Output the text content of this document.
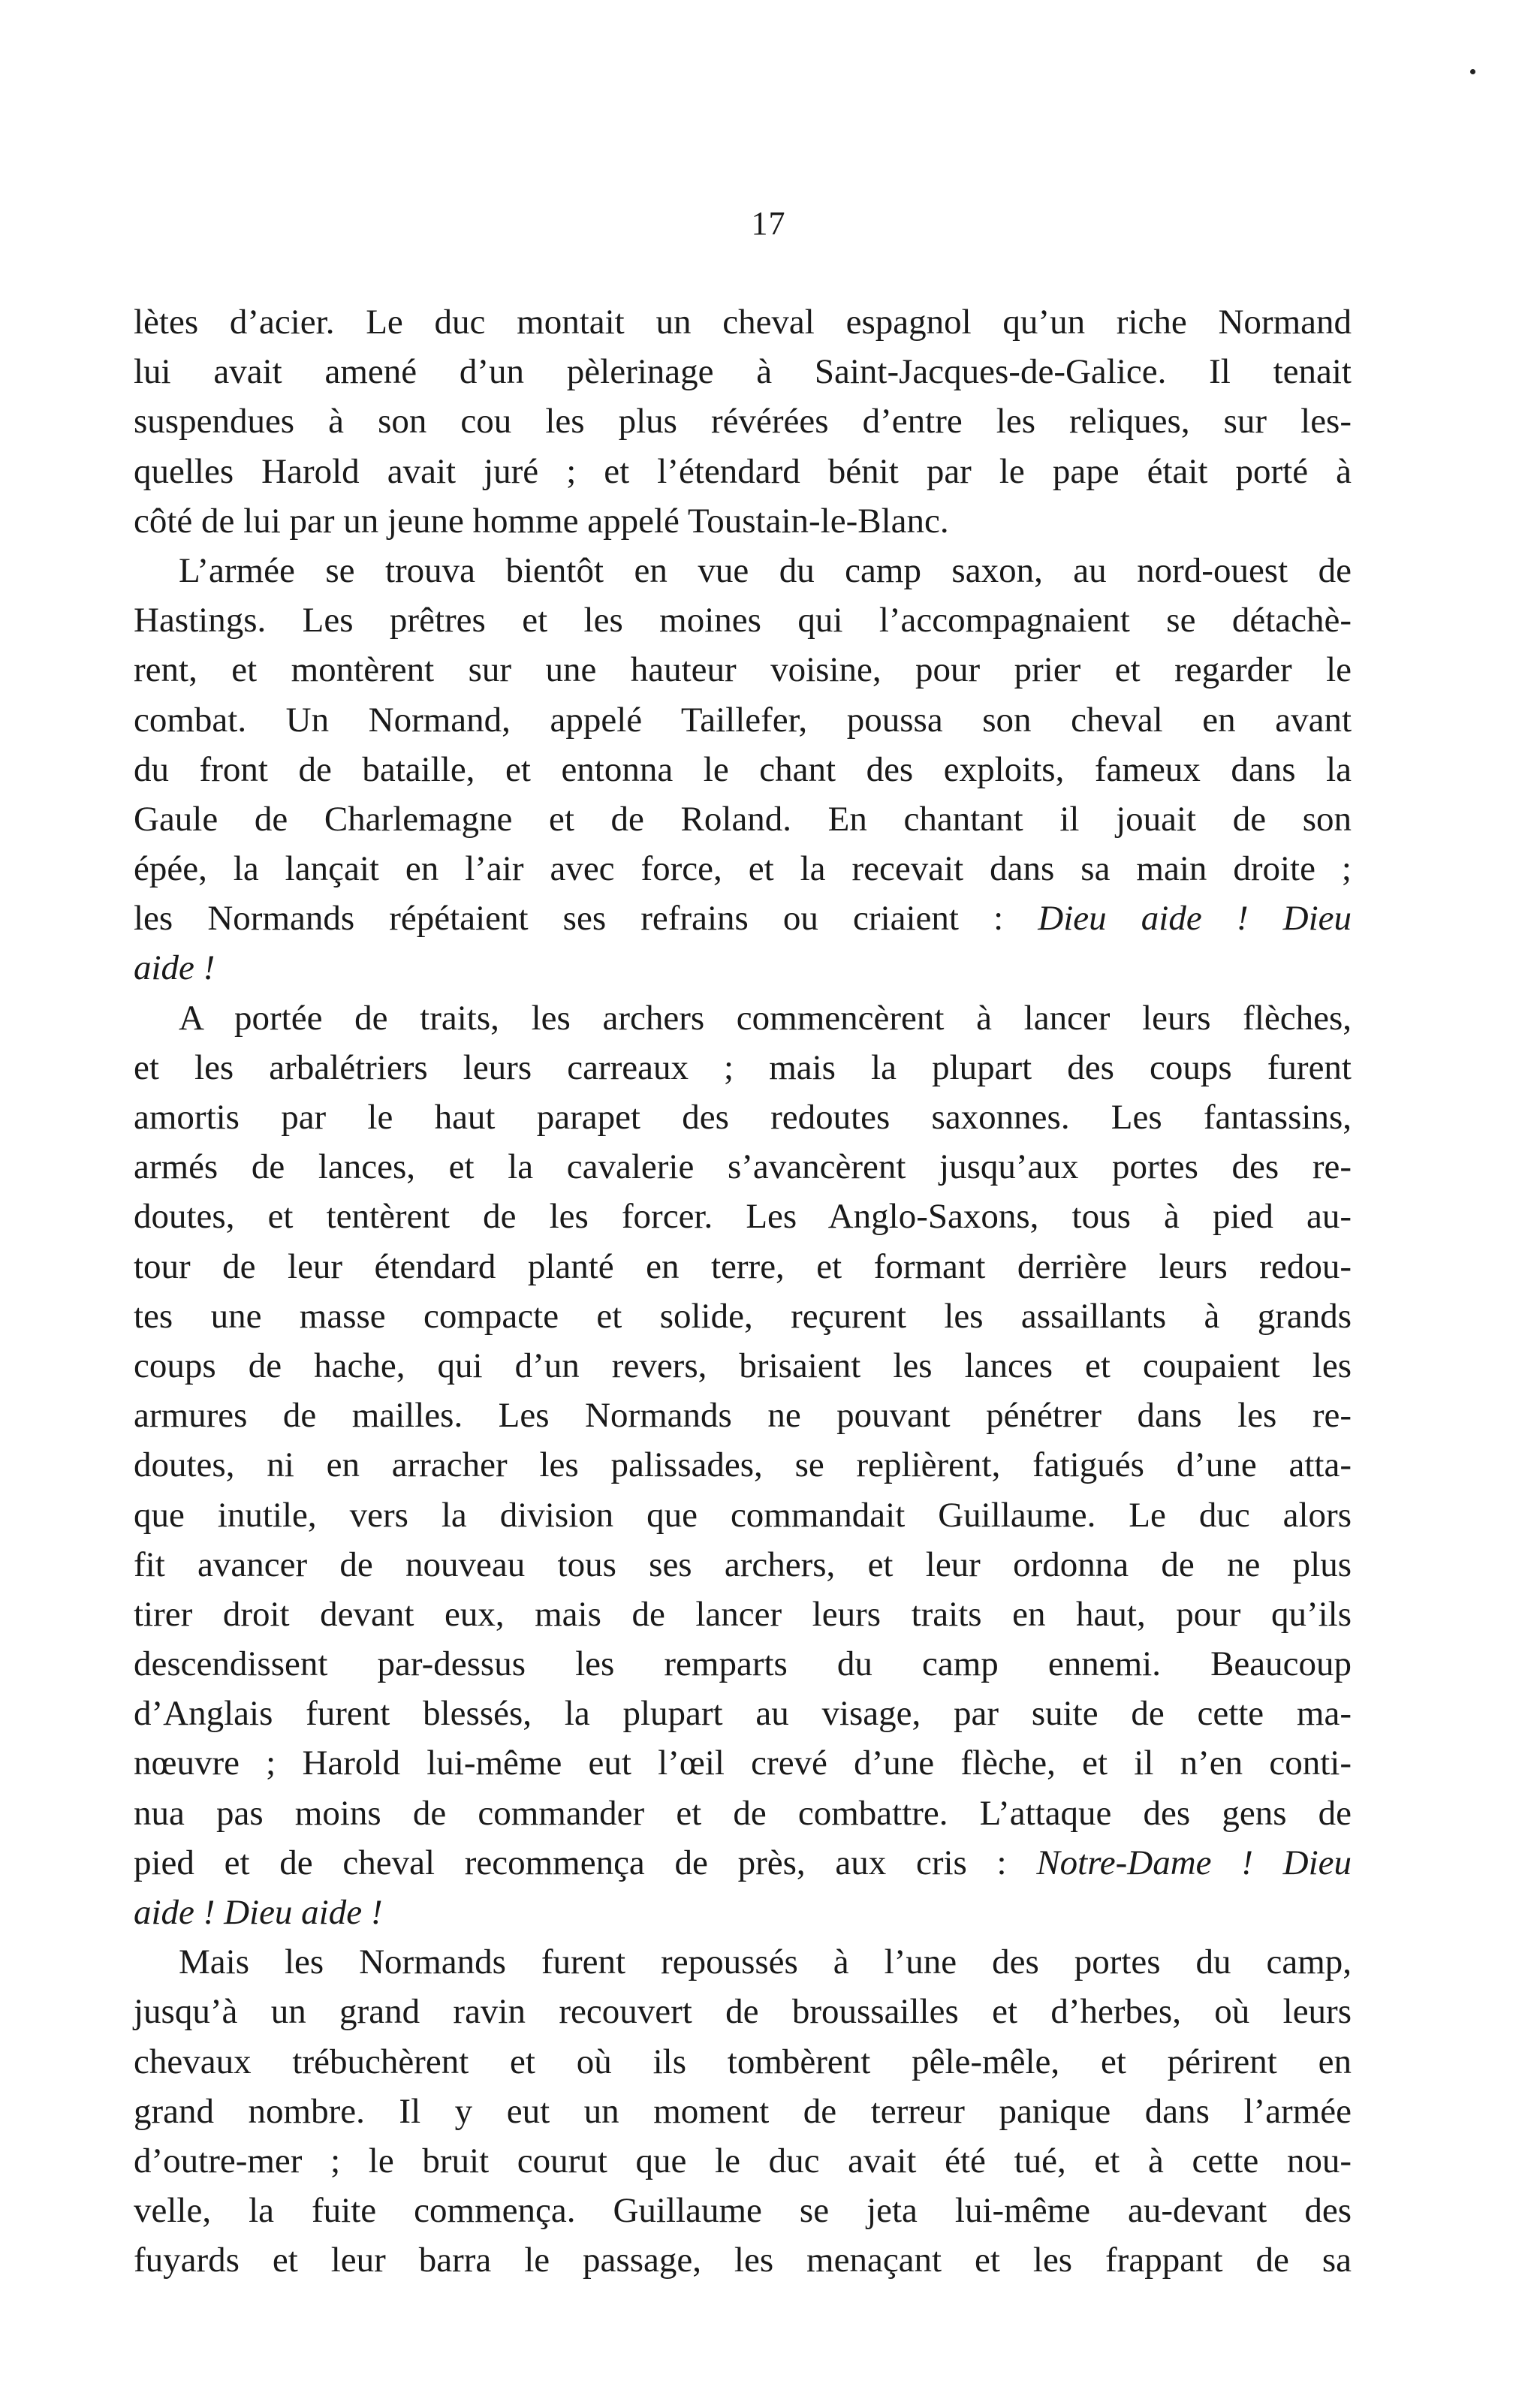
17
lètes d’acier. Le duc montait un cheval espagnol qu’un riche Normand
lui avait amené d’un pèlerinage à Saint-Jacques-de-Galice. Il tenait
suspendues à son cou les plus révérées d’entre les reliques, sur les-
quelles Harold avait juré ; et l’étendard bénit par le pape était porté à
côté de lui par un jeune homme appelé Toustain-le-Blanc.
L’armée se trouva bientôt en vue du camp saxon, au nord-ouest de
Hastings. Les prêtres et les moines qui l’accompagnaient se détachè-
rent, et montèrent sur une hauteur voisine, pour prier et regarder le
combat. Un Normand, appelé Taillefer, poussa son cheval en avant
du front de bataille, et entonna le chant des exploits, fameux dans la
Gaule de Charlemagne et de Roland. En chantant il jouait de son
épée, la lançait en l’air avec force, et la recevait dans sa main droite ;
les Normands répétaient ses refrains ou criaient : Dieu aide ! Dieu
aide !
A portée de traits, les archers commencèrent à lancer leurs flèches,
et les arbalétriers leurs carreaux ; mais la plupart des coups furent
amortis par le haut parapet des redoutes saxonnes. Les fantassins,
armés de lances, et la cavalerie s’avancèrent jusqu’aux portes des re-
doutes, et tentèrent de les forcer. Les Anglo-Saxons, tous à pied au-
tour de leur étendard planté en terre, et formant derrière leurs redou-
tes une masse compacte et solide, reçurent les assaillants à grands
coups de hache, qui d’un revers, brisaient les lances et coupaient les
armures de mailles. Les Normands ne pouvant pénétrer dans les re-
doutes, ni en arracher les palissades, se replièrent, fatigués d’une atta-
que inutile, vers la division que commandait Guillaume. Le duc alors
fit avancer de nouveau tous ses archers, et leur ordonna de ne plus
tirer droit devant eux, mais de lancer leurs traits en haut, pour qu’ils
descendissent par-dessus les remparts du camp ennemi. Beaucoup
d’Anglais furent blessés, la plupart au visage, par suite de cette ma-
nœuvre ; Harold lui-même eut l’œil crevé d’une flèche, et il n’en conti-
nua pas moins de commander et de combattre. L’attaque des gens de
pied et de cheval recommença de près, aux cris : Notre-Dame ! Dieu
aide ! Dieu aide !
Mais les Normands furent repoussés à l’une des portes du camp,
jusqu’à un grand ravin recouvert de broussailles et d’herbes, où leurs
chevaux trébuchèrent et où ils tombèrent pêle-mêle, et périrent en
grand nombre. Il y eut un moment de terreur panique dans l’armée
d’outre-mer ; le bruit courut que le duc avait été tué, et à cette nou-
velle, la fuite commença. Guillaume se jeta lui-même au-devant des
fuyards et leur barra le passage, les menaçant et les frappant de sa
